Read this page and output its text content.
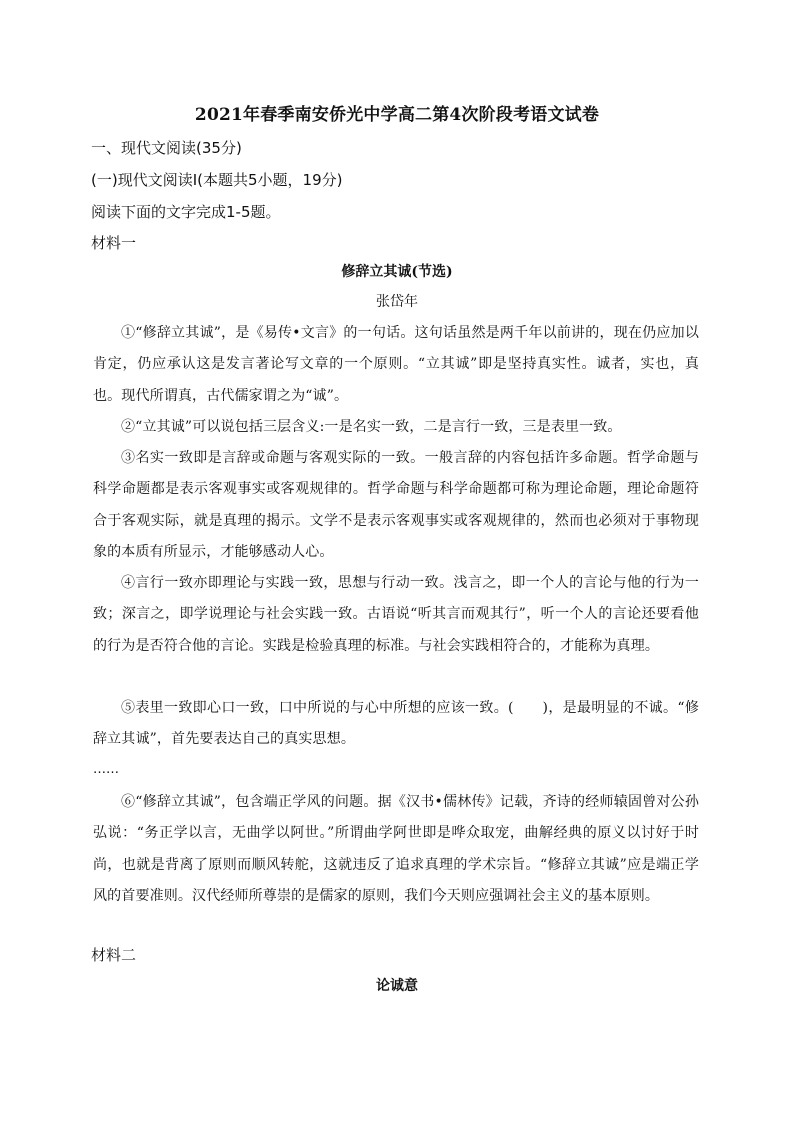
2021年春季南安侨光中学高二第4次阶段考语文试卷
一、现代文阅读(35分)
(一)现代文阅读Ⅰ(本题共5小题，19分)
阅读下面的文字完成1-5题。
材料一
修辞立其诚(节选)
张岱年
①“修辞立其诚”，是《易传•文言》的一句话。这句话虽然是两千年以前讲的，现在仍应加以肯定，仍应承认这是发言著论写文章的一个原则。“立其诚”即是坚持真实性。诚者，实也，真也。现代所谓真，古代儒家谓之为“诚”。
②“立其诚”可以说包括三层含义:一是名实一致，二是言行一致，三是表里一致。
③名实一致即是言辞或命题与客观实际的一致。一般言辞的内容包括许多命题。哲学命题与科学命题都是表示客观事实或客观规律的。哲学命题与科学命题都可称为理论命题，理论命题符合于客观实际，就是真理的揭示。文学不是表示客观事实或客观规律的，然而也必须对于事物现象的本质有所显示，才能够感动人心。
④言行一致亦即理论与实践一致，思想与行动一致。浅言之，即一个人的言论与他的行为一致；深言之，即学说理论与社会实践一致。古语说“听其言而观其行”，听一个人的言论还要看他的行为是否符合他的言论。实践是检验真理的标准。与社会实践相符合的，才能称为真理。
⑤表里一致即心口一致，口中所说的与心中所想的应该一致。(　　)，是最明显的不诚。“修辞立其诚”，首先要表达自己的真实思想。
……
⑥“修辞立其诚”，包含端正学风的问题。据《汉书•儒林传》记载，齐诗的经师辕固曾对公孙弘说：“务正学以言，无曲学以阿世。”所谓曲学阿世即是哗众取宠，曲解经典的原义以讨好于时尚，也就是背离了原则而顺风转舵，这就违反了追求真理的学术宗旨。“修辞立其诚”应是端正学风的首要准则。汉代经师所尊崇的是儒家的原则，我们今天则应强调社会主义的基本原则。
材料二
论诚意
